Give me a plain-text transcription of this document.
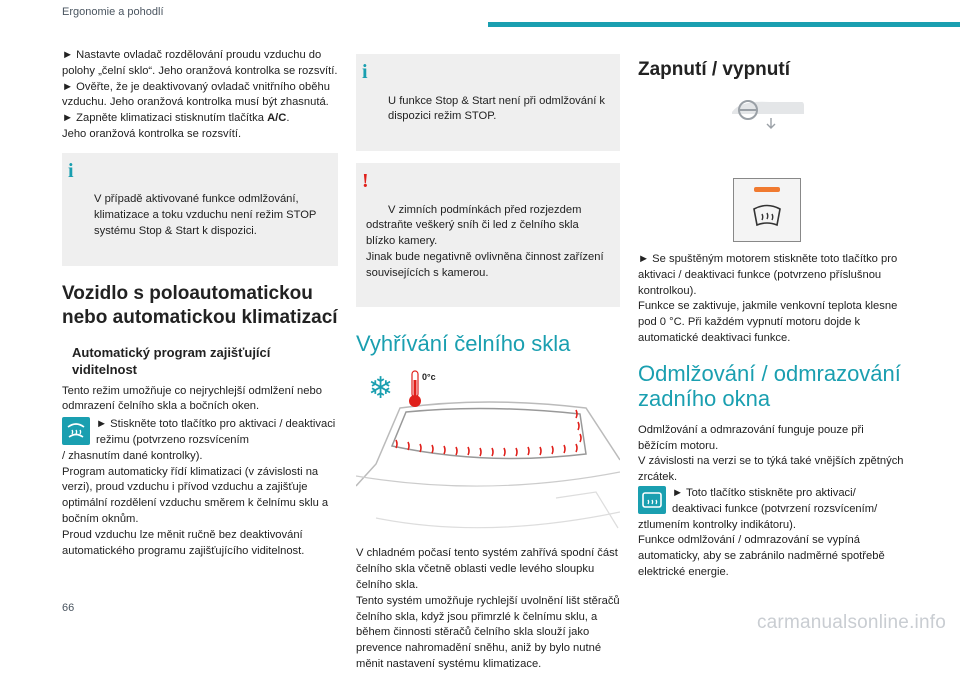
Ergonomie a pohodlí

► Nastavte ovladač rozdělování proudu vzduchu do polohy „čelní sklo“. Jeho oranžová kontrolka se rozsvítí.
► Ověřte, že je deaktivovaný ovladač vnitřního oběhu vzduchu. Jeho oranžová kontrolka musí být zhasnutá.
► Zapněte klimatizaci stisknutím tlačítka A/C.
Jeho oranžová kontrolka se rozsvítí.

i

V případě aktivované funkce odmlžování, klimatizace a toku vzduchu není režim STOP systému Stop & Start k dispozici.

Vozidlo s poloautomatickou nebo automatickou klimatizací
Automatický program zajišťující viditelnost

Tento režim umožňuje co nejrychlejší odmlžení nebo odmrazení čelního skla a bočních oken.

► Stiskněte toto tlačítko pro aktivaci / deaktivaci režimu (potvrzeno rozsvícením

/ zhasnutím dané kontrolky).
Program automaticky řídí klimatizaci (v závislosti na verzi), proud vzduchu i přívod vzduchu a zajišťuje optimální rozdělení vzduchu směrem k čelnímu sklu a bočním oknům.
Proud vzduchu lze měnit ručně bez deaktivování automatického programu zajišťujícího viditelnost.

i

U funkce Stop & Start není při odmlžování k dispozici režim STOP.

!

V zimních podmínkách před rozjezdem odstraňte veškerý sníh či led z čelního skla blízko kamery.
Jinak bude negativně ovlivněna činnost zařízení souvisejících s kamerou.

Vyhřívání čelního skla
❄	0°c

V chladném počasí tento systém zahřívá spodní část čelního skla včetně oblasti vedle levého sloupku čelního skla.
Tento systém umožňuje rychlejší uvolnění lišt stěračů čelního skla, když jsou přimrzlé k čelnímu sklu, a během činnosti stěračů čelního skla slouží jako prevence nahromadění sněhu, aniž by bylo nutné měnit nastavení systému klimatizace.

Zapnutí / vypnutí

► Se spuštěným motorem stiskněte toto tlačítko pro aktivaci / deaktivaci funkce (potvrzeno příslušnou kontrolkou).
Funkce se zaktivuje, jakmile venkovní teplota klesne pod 0 °C. Při každém vypnutí motoru dojde k automatické deaktivaci funkce.

Odmlžování / odmrazování zadního okna

Odmlžování a odmrazování funguje pouze při běžícím motoru.
V závislosti na verzi se to týká také vnějších zpětných zrcátek.

► Toto tlačítko stiskněte pro aktivaci/ deaktivaci funkce (potvrzení rozsvícením/

ztlumením kontrolky indikátoru).
Funkce odmlžování / odmrazování se vypíná automaticky, aby se zabránilo nadměrné spotřebě elektrické energie.

66
carmanualsonline.info
